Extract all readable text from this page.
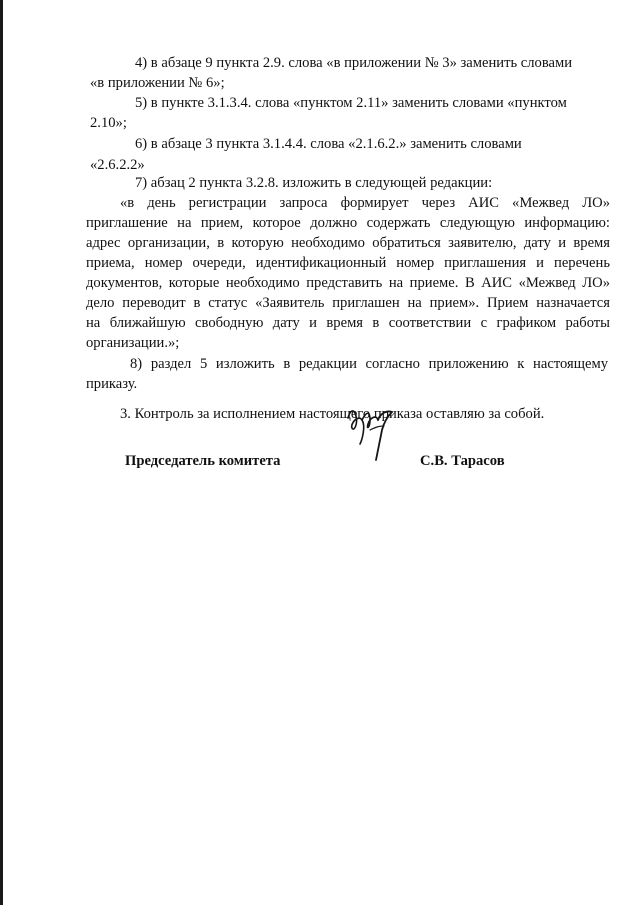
4) в абзаце 9 пункта 2.9. слова «в приложении № 3» заменить словами
«в приложении № 6»;
5) в пункте 3.1.3.4. слова «пунктом 2.11» заменить словами «пунктом
2.10»;
6) в абзаце 3 пункта 3.1.4.4. слова «2.1.6.2.» заменить словами
«2.6.2.2»
7) абзац 2 пункта 3.2.8. изложить в следующей редакции:
«в день регистрации запроса формирует через АИС «Межвед ЛО»
приглашение на прием, которое должно содержать следующую информацию:
адрес организации, в которую необходимо обратиться заявителю, дату и время
приема, номер очереди, идентификационный номер приглашения и перечень
документов, которые необходимо представить на приеме. В АИС «Межвед ЛО»
дело переводит в статус «Заявитель приглашен на прием». Прием назначается
на ближайшую свободную дату и время в соответствии с графиком работы
организации.»;
8) раздел 5 изложить в редакции согласно приложению к настоящему
приказу.
3. Контроль за исполнением настоящего приказа оставляю за собой.
Председатель комитета	С.В. Тарасов
